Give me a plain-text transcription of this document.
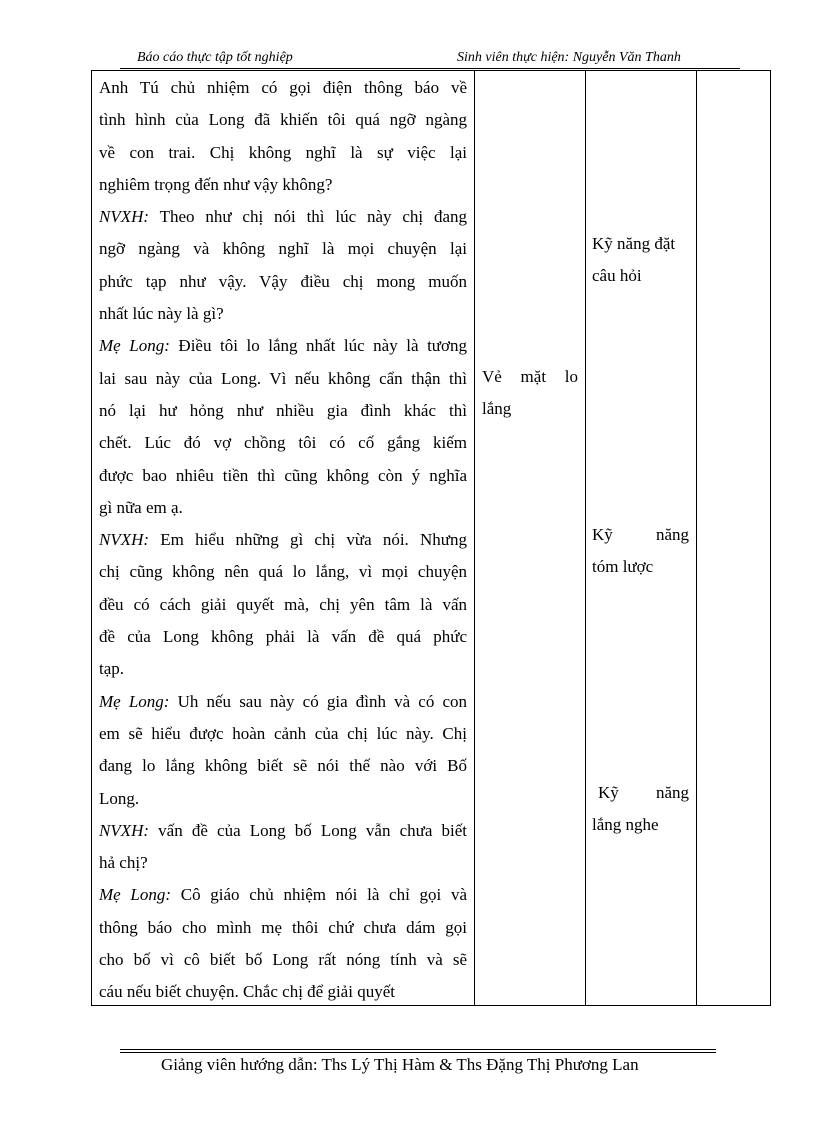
Báo cáo thực tập tốt nghiệp	Sinh viên thực hiện: Nguyễn Văn Thanh
Anh Tú chủ nhiệm có gọi điện thông báo về
tình hình của Long đã khiến tôi quá ngỡ ngàng
về con trai. Chị không nghĩ là sự việc lại
nghiêm trọng đến như vậy không?
NVXH: Theo như chị nói thì lúc này chị đang
ngỡ ngàng và không nghĩ là mọi chuyện lại
phức tạp như vậy. Vậy điều chị mong muốn
nhất lúc này là gì?
Mẹ Long: Điều tôi lo lắng nhất lúc này là tương
lai sau này của Long. Vì nếu không cẩn thận thì
nó lại hư hỏng như nhiều gia đình khác thì
chết. Lúc đó vợ chồng tôi có cố gắng kiếm
được bao nhiêu tiền thì cũng không còn ý nghĩa
gì nữa em ạ.
NVXH: Em hiểu những gì chị vừa nói. Nhưng
chị cũng không nên quá lo lắng, vì mọi chuyện
đều có cách giải quyết mà, chị yên tâm là vấn
đề của Long không phải là vấn đề quá phức
tạp.
Mẹ Long: Uh nếu sau này có gia đình và có con
em sẽ hiểu được hoàn cảnh của chị lúc này. Chị
đang lo lắng không biết sẽ nói thế nào với Bố
Long.
NVXH: vấn đề của Long bố Long vẫn chưa biết
hả chị?
Mẹ Long: Cô giáo chủ nhiệm nói là chỉ gọi và
thông báo cho mình mẹ thôi chứ chưa dám gọi
cho bố vì cô biết bố Long rất nóng tính và sẽ
cáu nếu biết chuyện. Chắc chị để giải quyết
Vẻ mặt lo
lắng
Kỹ năng đặt
câu hỏi
Kỹ năng
tóm lược
Kỹ năng
lắng nghe
Giảng viên hướng dẫn: Ths Lý Thị Hàm & Ths Đặng Thị Phương Lan
